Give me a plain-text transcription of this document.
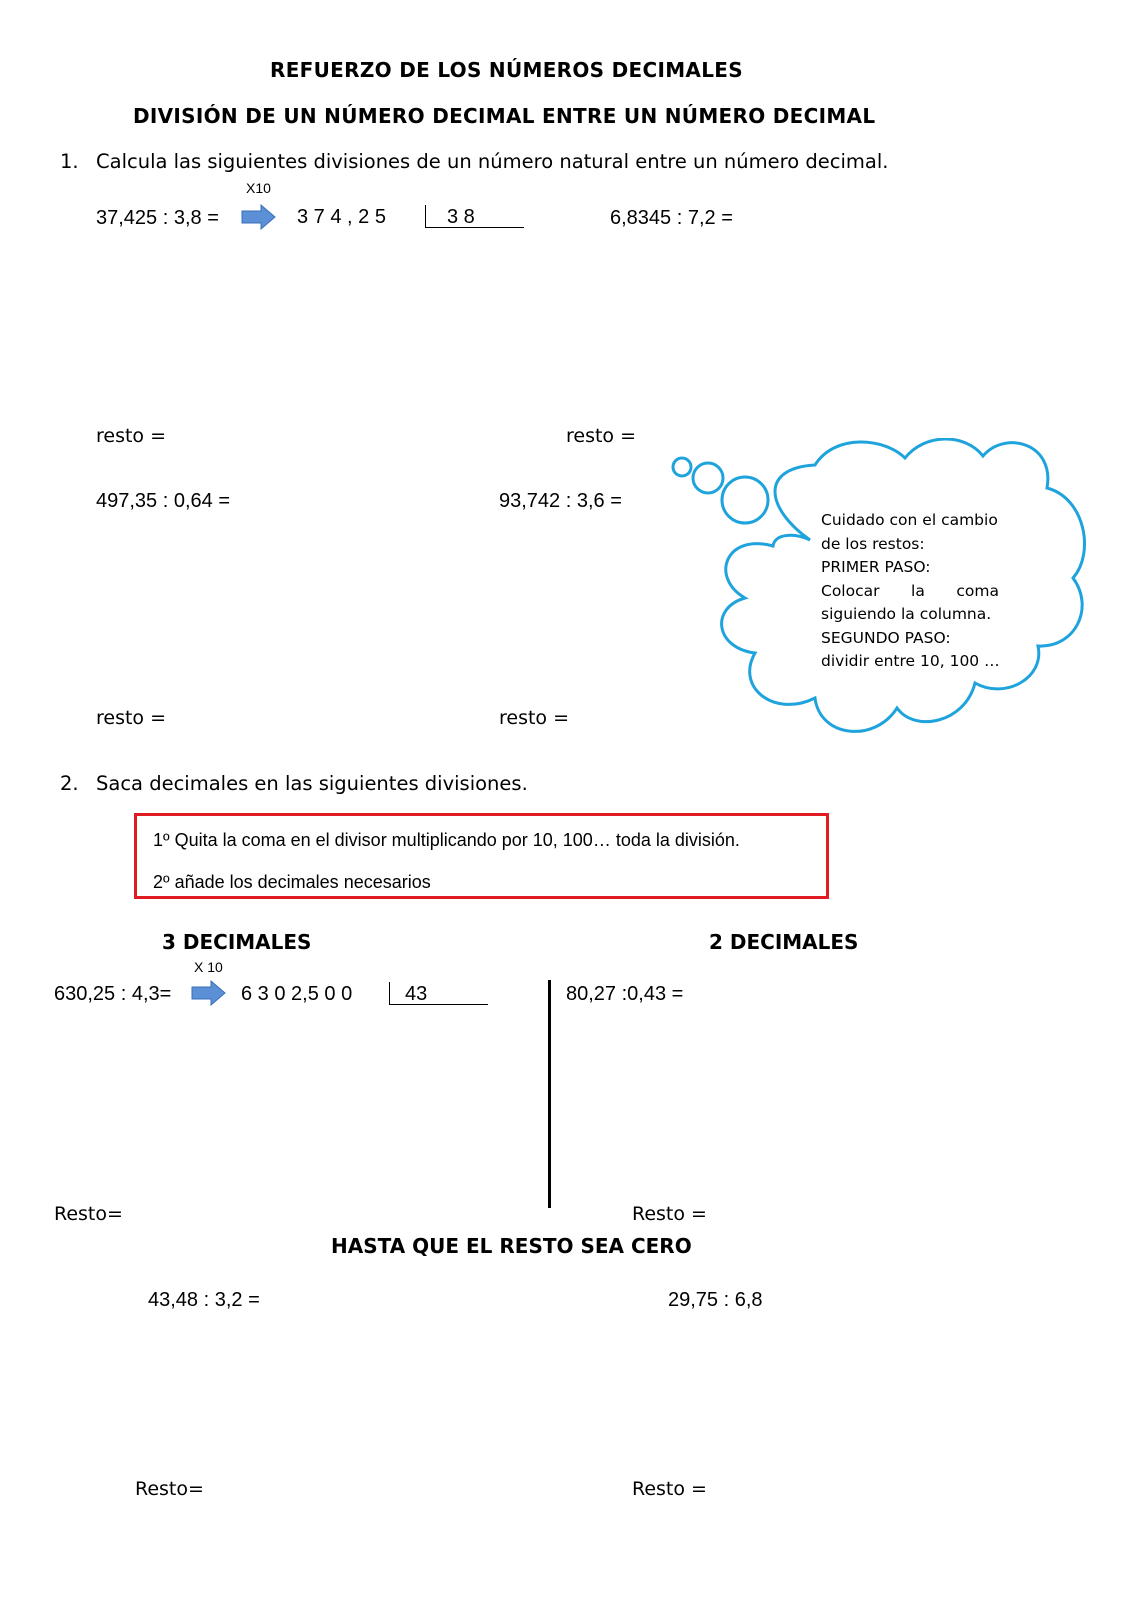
REFUERZO DE LOS NÚMEROS DECIMALES
DIVISIÓN DE UN NÚMERO DECIMAL ENTRE UN NÚMERO DECIMAL
1. Calcula las siguientes divisiones de un número natural entre un número decimal.
X10
37,425 : 3,8 =	3 7 4 , 2 5	3 8	6,8345 : 7,2 =
resto =	resto =
497,35 : 0,64 =	93,742 : 3,6 =
resto =	resto =
Cuidado con el cambio
de los restos:
PRIMER PASO:
Colocar la coma
siguiendo la columna.
SEGUNDO PASO:
dividir entre 10, 100 …
2. Saca decimales en las siguientes divisiones.
1º Quita la coma en el divisor multiplicando por 10, 100… toda la división.
2º añade los decimales necesarios
3 DECIMALES	2 DECIMALES
X 10
630,25 : 4,3=	6 3 0 2,5 0 0	43	80,27 :0,43 =
Resto=	Resto =
HASTA QUE EL RESTO SEA CERO
43,48 : 3,2 =	29,75 : 6,8
Resto=	Resto =
